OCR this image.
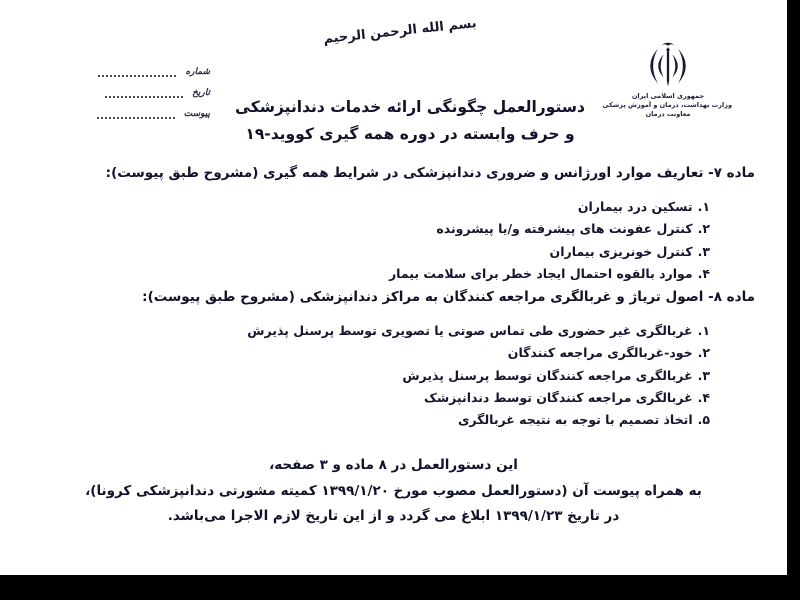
بسم الله الرحمن الرحيم
جمهوری اسلامی ایران
وزارت بهداشت، درمان و آموزش پزشکی
معاونت درمان
شماره
تاریخ
پیوست	دستورالعمل چگونگی ارائه خدمات دندانپزشکی
و حرف وابسته در دوره همه گیری کووید-۱۹
ماده ۷- تعاریف موارد اورژانس و ضروری دندانپزشکی در شرایط همه گیری (مشروح طبق پیوست):
۱.تسکین درد بیماران
۲.کنترل عفونت های پیشرفته و/یا پیشرونده
۳.کنترل خونریزی بیماران
۴.موارد بالقوه احتمال ایجاد خطر برای سلامت بیمار
ماده ۸- اصول تریاژ و غربالگری مراجعه کنندگان به مراکز دندانپزشکی (مشروح طبق پیوست):
۱.غربالگری غیر حضوری طی تماس صوتی یا تصویری توسط پرسنل پذیرش
۲.خود-غربالگری مراجعه کنندگان
۳.غربالگری مراجعه کنندگان توسط پرسنل پذیرش
۴.غربالگری مراجعه کنندگان توسط دندانپزشک
۵.اتخاذ تصمیم با توجه به نتیجه غربالگری
این دستورالعمل در ۸ ماده و ۳ صفحه،
به همراه پیوست آن (دستورالعمل مصوب مورخ ۱۳۹۹/۱/۲۰ کمیته مشورتی دندانپزشکی کرونا)،
در تاریخ ۱۳۹۹/۱/۲۳ ابلاغ می گردد و از این تاریخ لازم الاجرا می‌باشد.
